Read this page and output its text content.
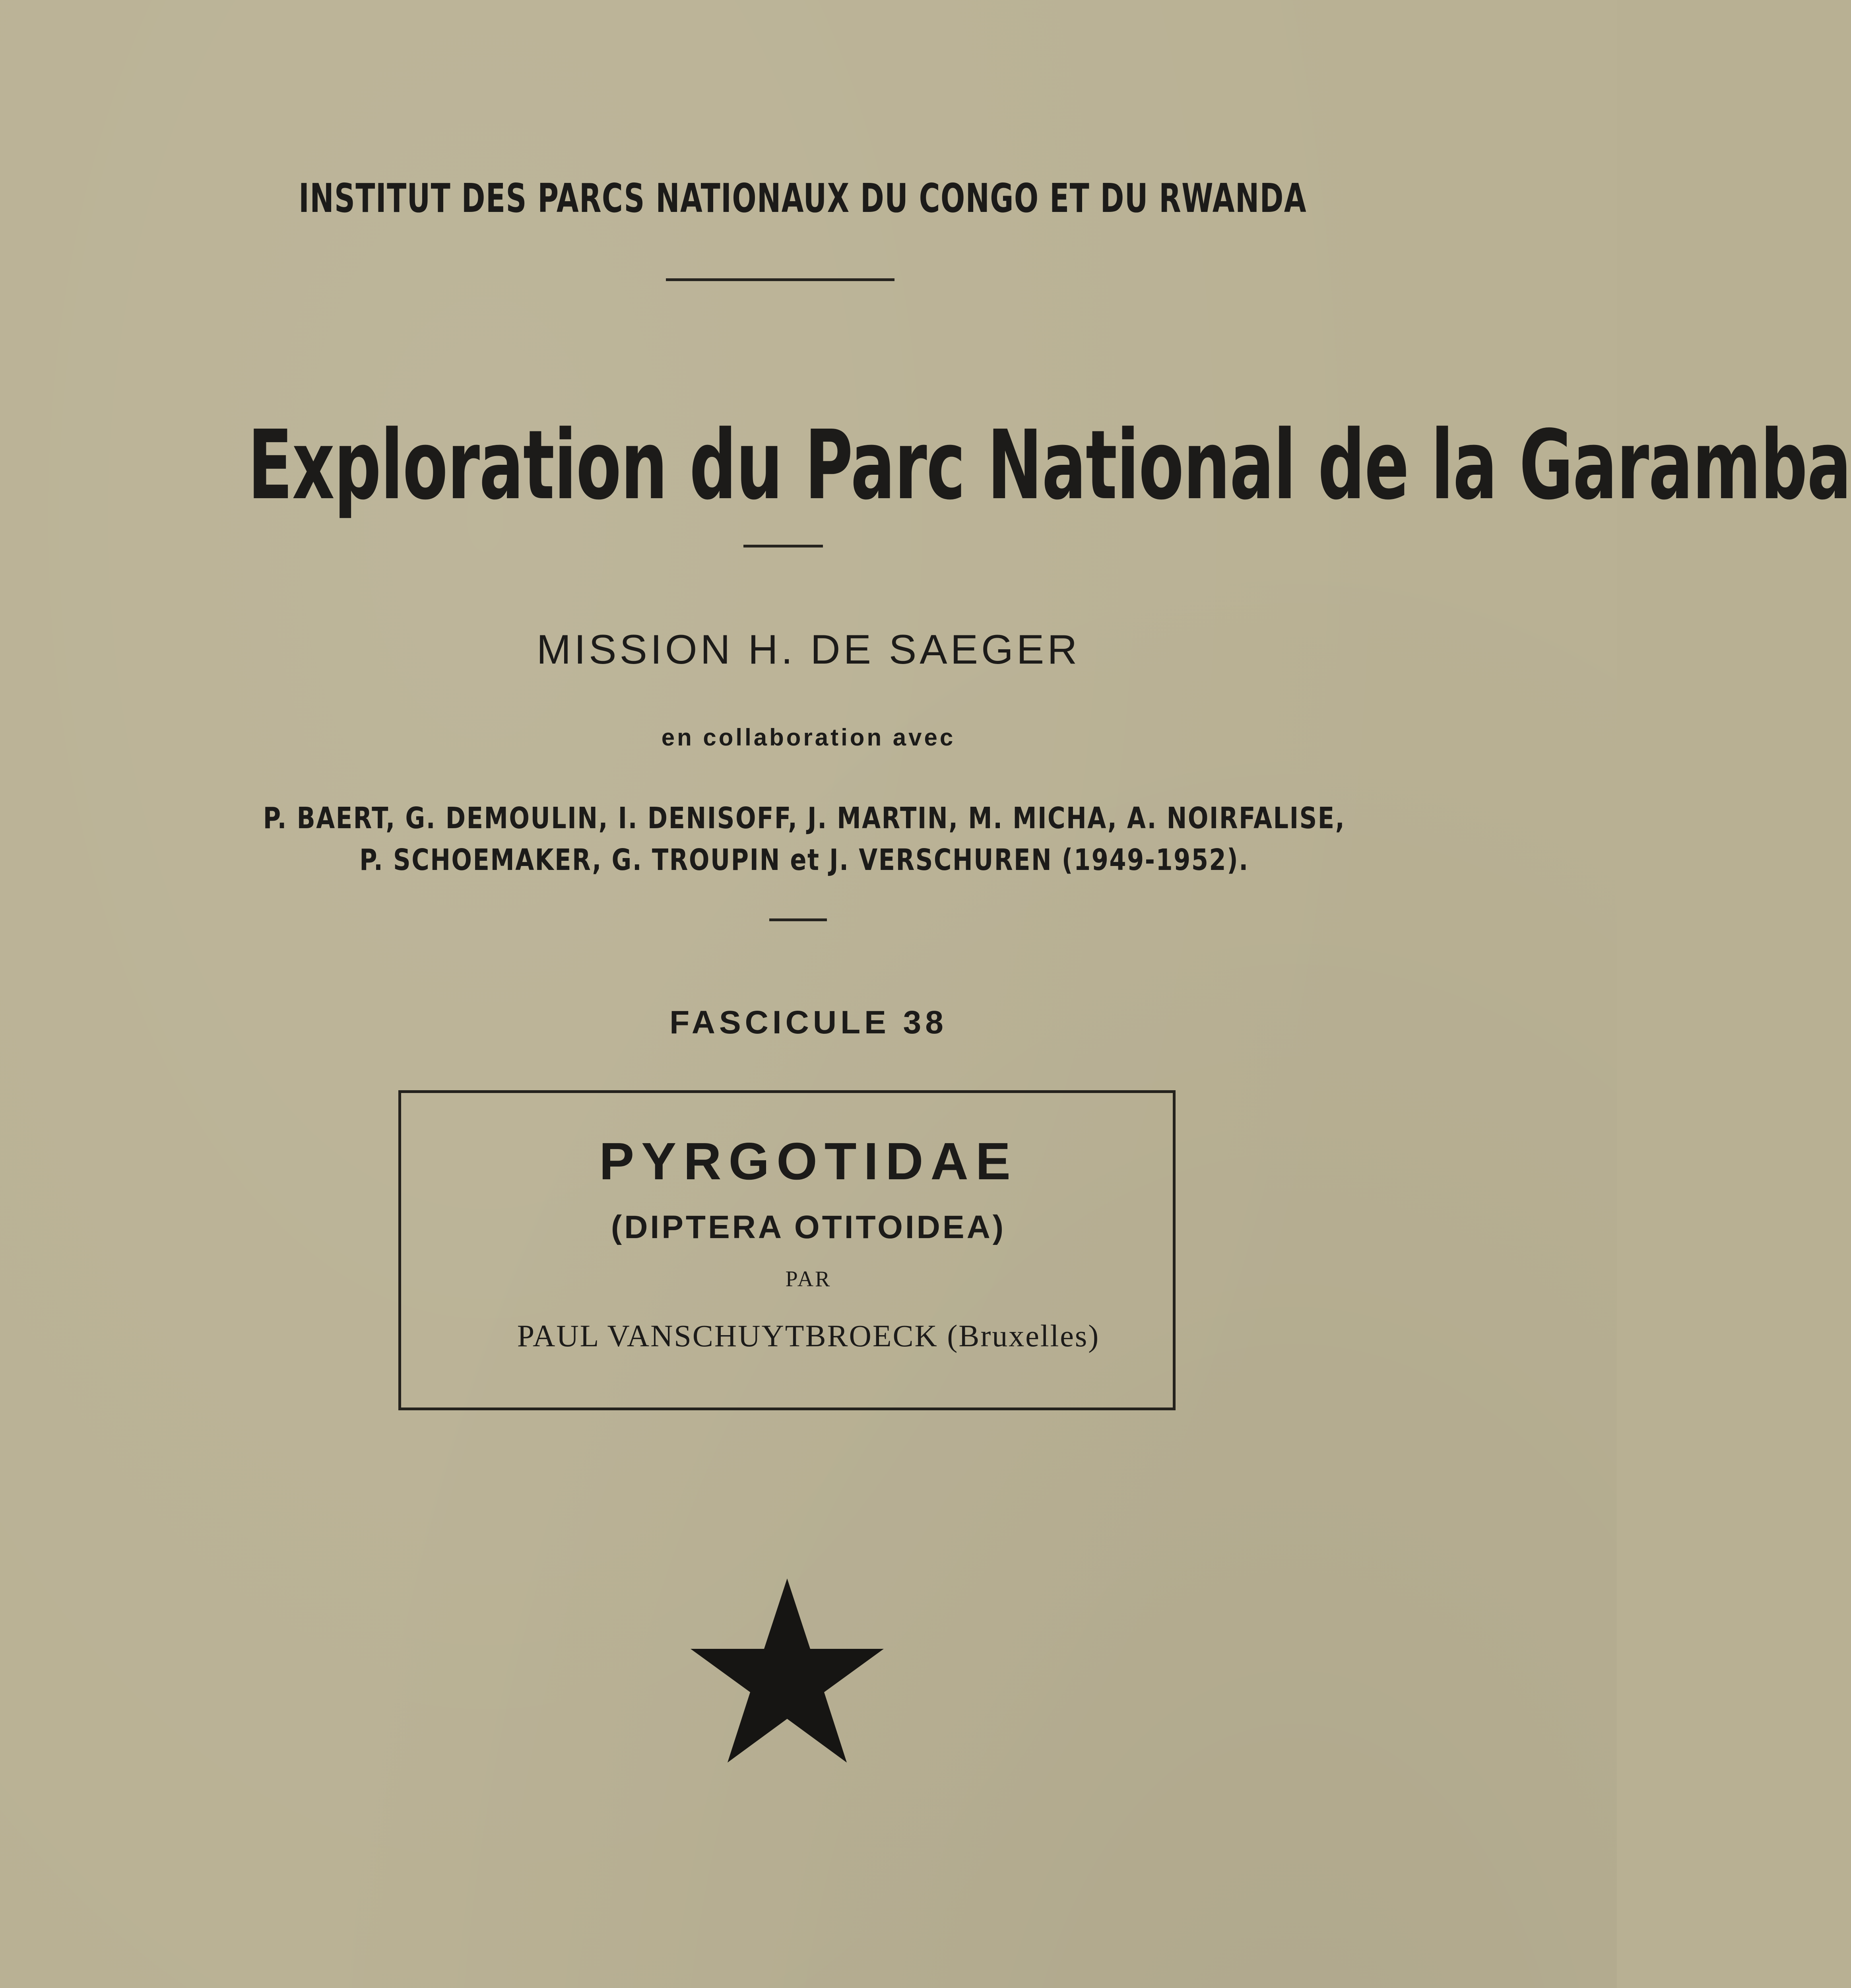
INSTITUT DES PARCS NATIONAUX DU CONGO ET DU RWANDA
Exploration du Parc National de la Garamba
MISSION H. DE SAEGER
en collaboration avec
P. BAERT, G. DEMOULIN, I. DENISOFF, J. MARTIN, M. MICHA, A. NOIRFALISE,
P. SCHOEMAKER, G. TROUPIN et J. VERSCHUREN (1949-1952).
FASCICULE 38
PYRGOTIDAE
(DIPTERA OTITOIDEA)
PAR
PAUL VANSCHUYTBROECK (Bruxelles)
